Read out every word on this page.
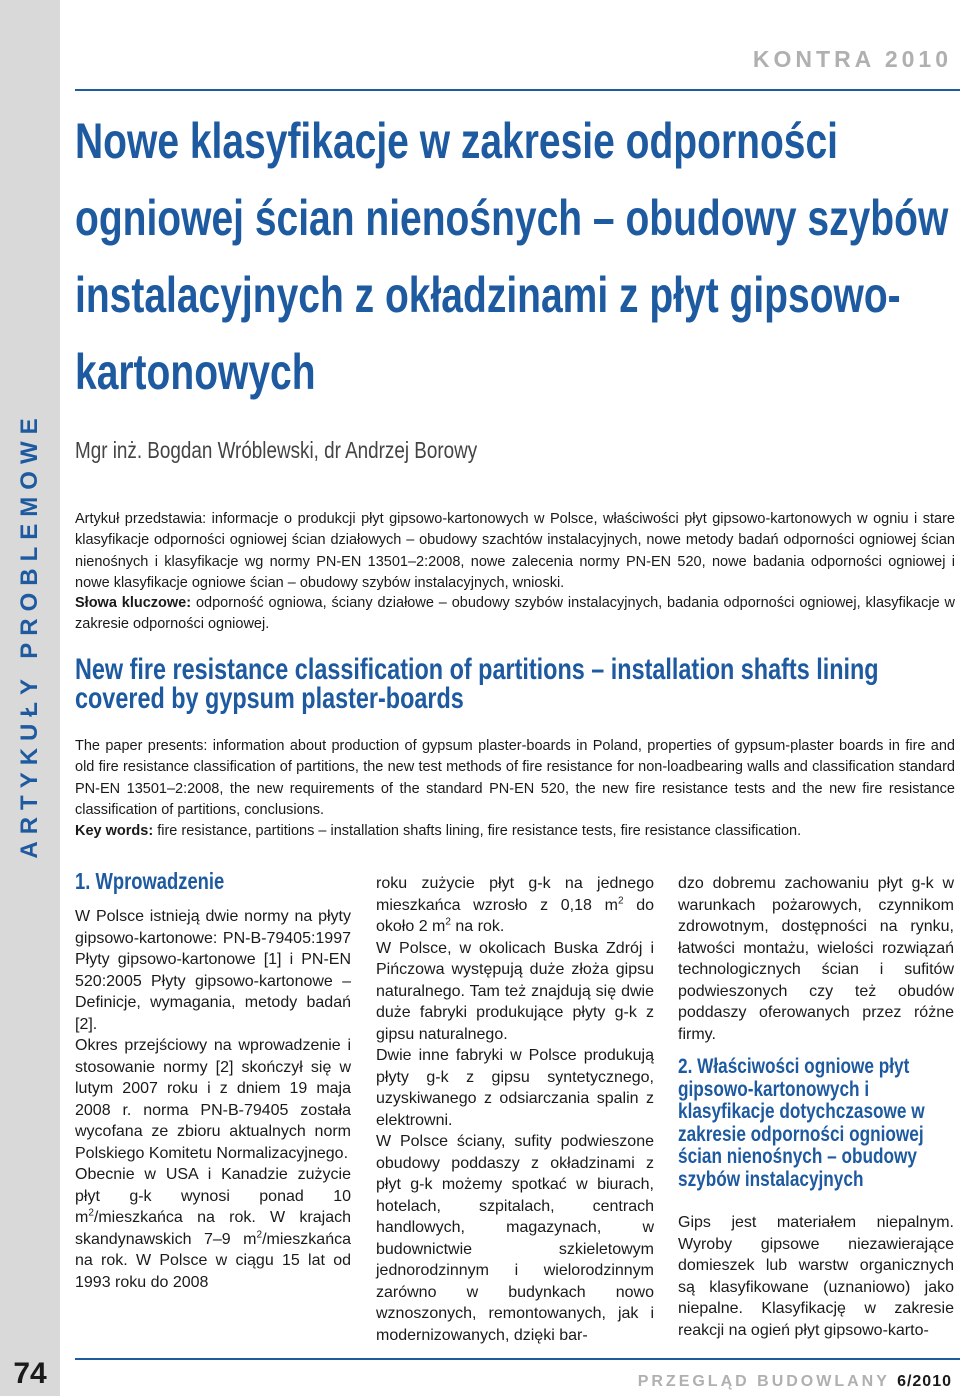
ARTYKUŁY PROBLEMOWE
74
KONTRA 2010
Nowe klasyfikacje w zakresie odporności ogniowej ścian nienośnych – obudowy szybów instalacyjnych z okładzinami z płyt gipsowo-kartonowych
Mgr inż. Bogdan Wróblewski, dr Andrzej Borowy

Artykuł przedstawia: informacje o produkcji płyt gipsowo-kartonowych w Polsce, właściwości płyt gipsowo-kartonowych w ogniu i stare klasyfikacje odporności ogniowej ścian działowych – obudowy szachtów instalacyjnych, nowe metody badań odporności ogniowej ścian nienośnych i klasyfikacje wg normy PN-EN 13501–2:2008, nowe zalecenia normy PN-EN 520, nowe badania odporności ogniowej i nowe klasyfikacje ogniowe ścian – obudowy szybów instalacyjnych, wnioski.

Słowa kluczowe: odporność ogniowa, ściany działowe – obudowy szybów instalacyjnych, badania odporności ogniowej, klasyfikacje w zakresie odporności ogniowej.

New fire resistance classification of partitions – installation shafts lining covered by gypsum plaster-boards

The paper presents: information about production of gypsum plaster-boards in Poland, properties of gypsum-plaster boards in fire and old fire resistance classification of partitions, the new test methods of fire resistance for non-loadbearing walls and classification standard PN-EN 13501–2:2008, the new requirements of the standard PN-EN 520, the new fire resistance tests and the new fire resistance classification of partitions, conclusions.

Key words: fire resistance, partitions – installation shafts lining, fire resistance tests, fire resistance classification.

1. Wprowadzenie

W Polsce istnieją dwie normy na płyty gipsowo-kartonowe: PN-B-79405:1997 Płyty gipsowo-kartonowe [1] i PN-EN 520:2005 Płyty gipsowo-kartonowe – Definicje, wymagania, metody badań [2].

Okres przejściowy na wprowadzenie i stosowanie normy [2] skończył się w lutym 2007 roku i z dniem 19 maja 2008 r. norma PN-B-79405 została wycofana ze zbioru aktualnych norm Polskiego Komitetu Normalizacyjnego.

Obecnie w USA i Kanadzie zużycie płyt g-k wynosi ponad 10 $m^2$/mieszkańca na rok. W krajach skandynawskich 7–9 $m^2$/mieszkańca na rok. W Polsce w ciągu 15 lat od 1993 roku do 2008

roku zużycie płyt g-k na jednego mieszkańca wzrosło z 0,18 $m^2$ do około 2 $m^2$ na rok.

W Polsce, w okolicach Buska Zdrój i Pińczowa występują duże złoża gipsu naturalnego. Tam też znajdują się dwie duże fabryki produkujące płyty g-k z gipsu naturalnego.

Dwie inne fabryki w Polsce produkują płyty g-k z gipsu syntetycznego, uzyskiwanego z odsiarczania spalin z elektrowni.

W Polsce ściany, sufity podwieszone obudowy poddaszy z okładzinami z płyt g-k możemy spotkać w biurach, hotelach, szpitalach, centrach handlowych, magazynach, w budownictwie szkieletowym jednorodzinnym i wielorodzinnym zarówno w budynkach nowo wznoszonych, remontowanych, jak i modernizowanych, dzięki bar-

dzo dobremu zachowaniu płyt g-k w warunkach pożarowych, czynnikom zdrowotnym, dostępności na rynku, łatwości montażu, wielości rozwiązań technologicznych ścian i sufitów podwieszonych czy też obudów poddaszy oferowanych przez różne firmy.

2. Właściwości ogniowe płyt gipsowo-kartonowych i klasyfikacje dotychczasowe w zakresie odporności ogniowej ścian nienośnych – obudowy szybów instalacyjnych

Gips jest materiałem niepalnym. Wyroby gipsowe niezawierające domieszek lub warstw organicznych są klasyfikowane (uznaniowo) jako niepalne. Klasyfikację w zakresie reakcji na ogień płyt gipsowo-karto-

PRZEGLĄD BUDOWLANY 6/2010
